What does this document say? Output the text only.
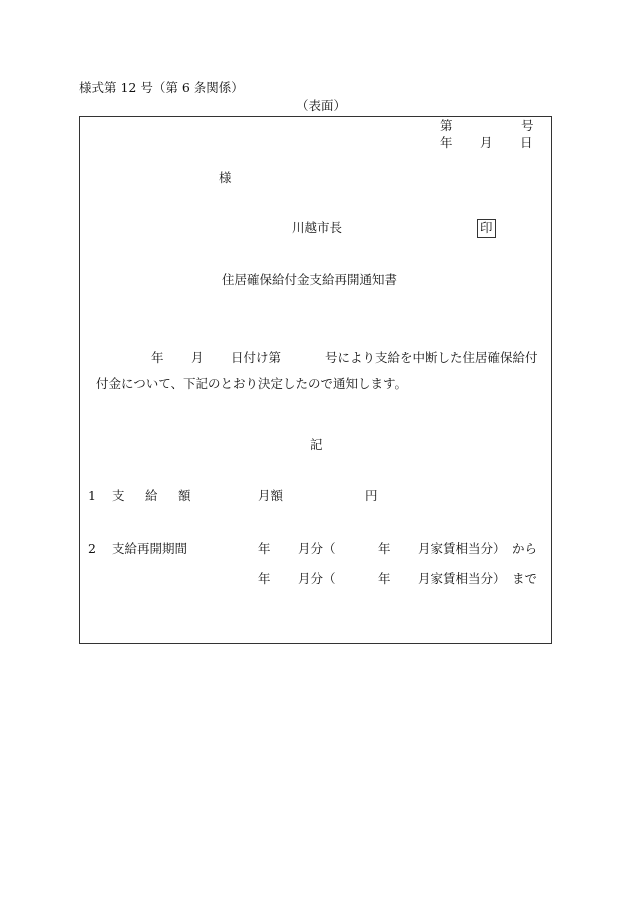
様式第 12 号（第 6 条関係）
（表面）
第	号
年 月 日
様
川越市長	印
住居確保給付金支給再開通知書
年 月 日付け第	号により支給を中断した住居確保給付
付金について、下記のとおり決定したので通知します。
記
1 支 給 額	月額	円
2 支給再開期間	年 月分（	年 月家賃相当分） から
年 月分（	年 月家賃相当分） まで
